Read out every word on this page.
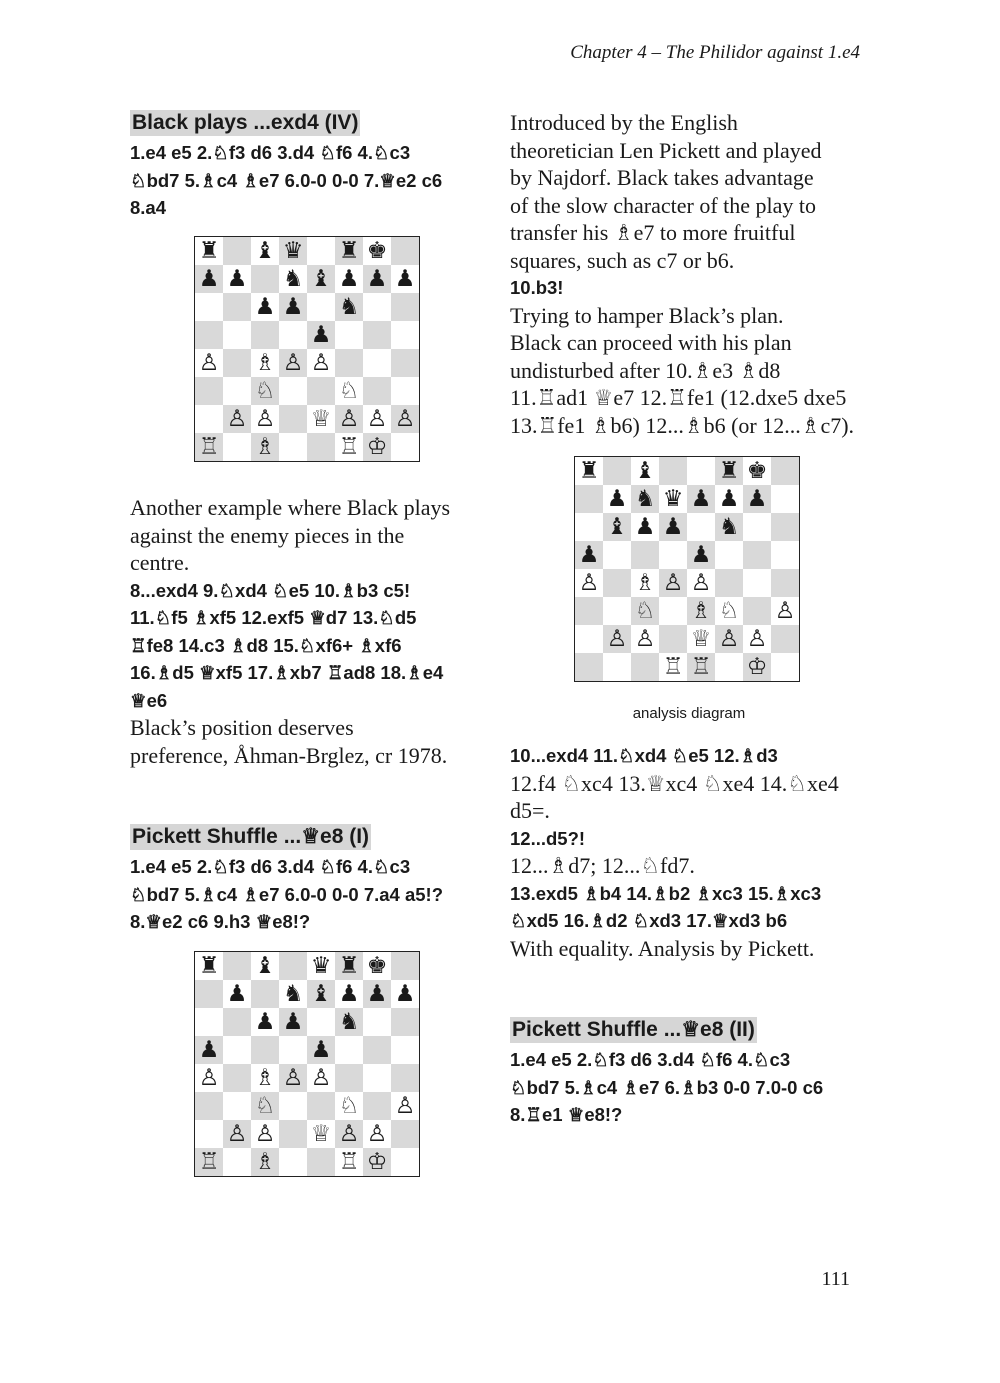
Chapter 4 – The Philidor against 1.e4
Black plays ...exd4 (IV)
1.e4 e5 2.♘f3 d6 3.d4 ♘f6 4.♘c3
♘bd7 5.♗c4 ♗e7 6.0-0 0-0 7.♕e2 c6
8.a4
♜ ♝ ♛ ♜ ♚
♟ ♟ ♞ ♝ ♟ ♟ ♟
♟ ♟ ♞
♟
♙ ♗ ♙ ♙
♘	♘
♙ ♙ ♕ ♙ ♙ ♙
♖ ♗	♖ ♔
Another example where Black plays
against the enemy pieces in the
centre.
8...exd4 9.♘xd4 ♘e5 10.♗b3 c5!
11.♘f5 ♗xf5 12.exf5 ♕d7 13.♘d5
♖fe8 14.c3 ♗d8 15.♘xf6+ ♗xf6
16.♗d5 ♕xf5 17.♗xb7 ♖ad8 18.♗e4
♕e6
Black’s position deserves
preference, Åhman-Brglez, cr 1978.
Pickett Shuffle ...♕e8 (I)
1.e4 e5 2.♘f3 d6 3.d4 ♘f6 4.♘c3
♘bd7 5.♗c4 ♗e7 6.0-0 0-0 7.a4 a5!?
8.♕e2 c6 9.h3 ♕e8!?
♜ ♝ ♛ ♜ ♚
♟ ♞ ♝ ♟ ♟ ♟
♟ ♟ ♞
♟	♟
♙ ♗ ♙ ♙
♘	♘ ♙
♙ ♙ ♕ ♙ ♙
♖ ♗	♖ ♔
Introduced by the English
theoretician Len Pickett and played
by Najdorf. Black takes advantage
of the slow character of the play to
transfer his ♗e7 to more fruitful
squares, such as c7 or b6.
10.b3!
Trying to hamper Black’s plan.
Black can proceed with his plan
undisturbed after 10.♗e3 ♗d8
11.♖ad1 ♕e7 12.♖fe1 (12.dxe5 dxe5
13.♖fe1 ♗b6) 12...♗b6 (or 12...♗c7).
♜ ♝	♜ ♚
♟ ♞ ♛ ♟ ♟ ♟
♝ ♟ ♟ ♞
♟	♟
♙ ♗ ♙ ♙
♘ ♗ ♘ ♙
♙ ♙ ♕ ♙ ♙
♖ ♖ ♔
analysis diagram
10...exd4 11.♘xd4 ♘e5 12.♗d3
12.f4 ♘xc4 13.♕xc4 ♘xe4 14.♘xe4
d5=.
12...d5?!
12...♗d7; 12...♘fd7.
13.exd5 ♗b4 14.♗b2 ♗xc3 15.♗xc3
♘xd5 16.♗d2 ♘xd3 17.♕xd3 b6
With equality. Analysis by Pickett.
Pickett Shuffle ...♕e8 (II)
1.e4 e5 2.♘f3 d6 3.d4 ♘f6 4.♘c3
♘bd7 5.♗c4 ♗e7 6.♗b3 0-0 7.0-0 c6
8.♖e1 ♕e8!?
111
